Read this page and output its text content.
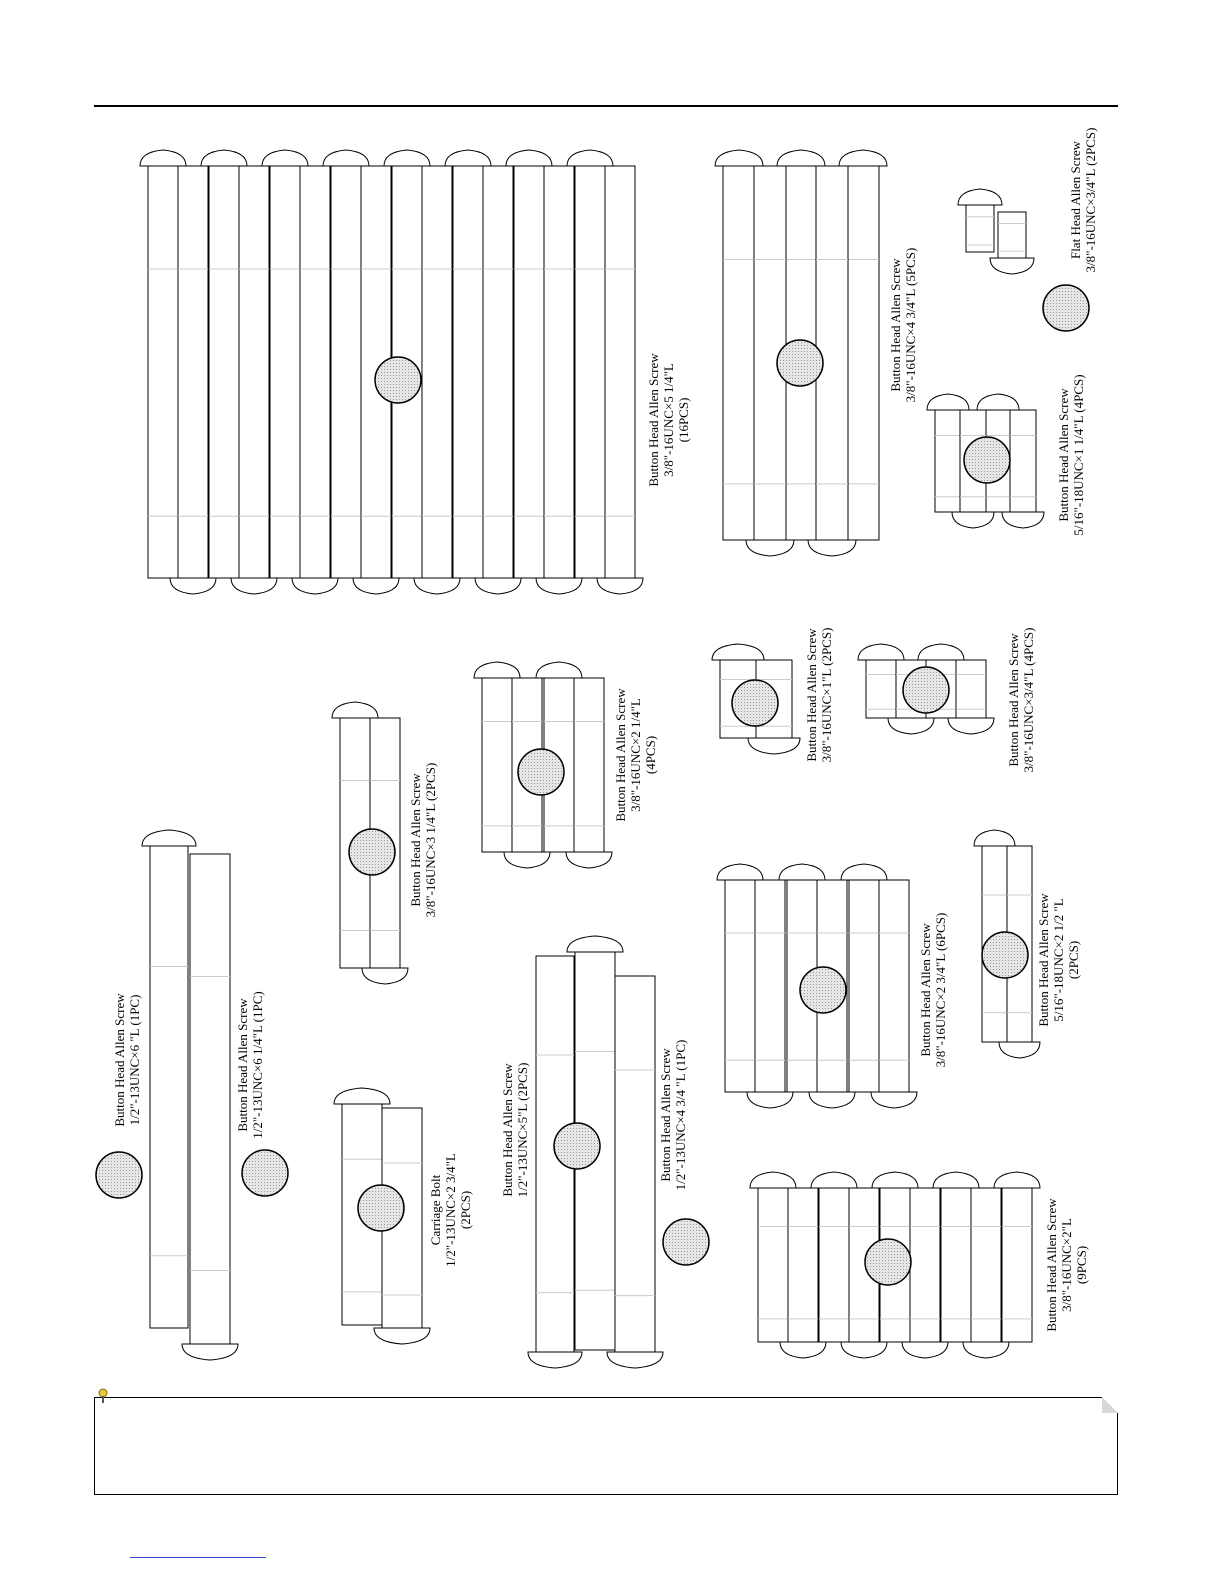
Button Head Allen Screw3/8"-16UNC×5 1/4"L(16PCS)
Button Head Allen Screw3/8"-16UNC×4 3/4"L (5PCS)
Flat Head Allen Screw3/8"-16UNC×3/4"L (2PCS)
Button Head Allen Screw5/16"-18UNC×1 1/4"L (4PCS)
Button Head Allen Screw3/8"-16UNC×1"L (2PCS)	Button Head Allen Screw3/8"-16UNC×3/4"L (4PCS)
Button Head Allen Screw3/8"-16UNC×2 1/4"L(4PCS)
Button Head Allen Screw3/8"-16UNC×3 1/4"L (2PCS)
Button Head Allen Screw1/2"-13UNC×6 "L (1PC)	Button Head Allen Screw1/2"-13UNC×6 1/4"L (1PC)
Carriage Bolt1/2"-13UNC×2 3/4"L(2PCS)
Button Head Allen Screw1/2"-13UNC×5"L (2PCS)	Button Head Allen Screw1/2"-13UNC×4 3/4 "L (1PC)
Button Head Allen Screw3/8"-16UNC×2 3/4"L (6PCS)	Button Head Allen Screw5/16"-18UNC×2 1/2 "L(2PCS)
Button Head Allen Screw3/8"-16UNC×2"L(9PCS)
